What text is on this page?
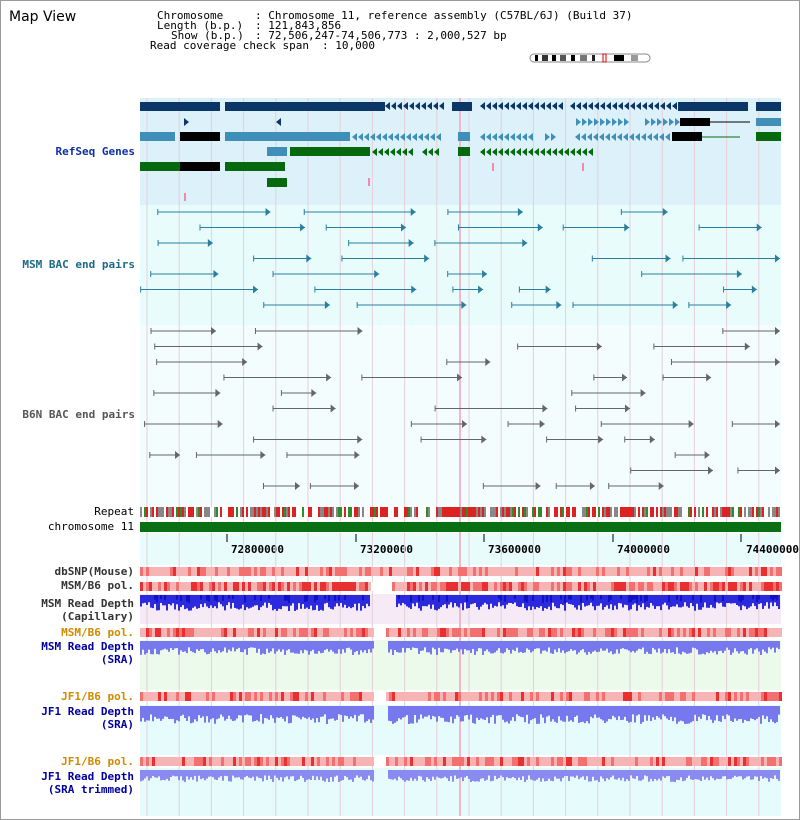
Map View	Chromosome	: Chromosome 11, reference assembly (C57BL/6J) (Build 37)
Length (b.p.) : 121,843,856
Show (b.p.) : 72,506,247-74,506,773 : 2,000,527 bp
Read coverage check span : 10,000
RefSeq Genes
MSM BAC end pairs
B6N BAC end pairs
Repeat
chromosome 11
dbSNP(Mouse)
MSM/B6 pol.
MSM Read Depth
(Capillary)
MSM/B6 pol.
MSM Read Depth
(SRA)
JF1/B6 pol.
JF1 Read Depth
(SRA)
JF1/B6 pol.
JF1 Read Depth
(SRA trimmed)
72800000	73200000	73600000	74000000	74400000
